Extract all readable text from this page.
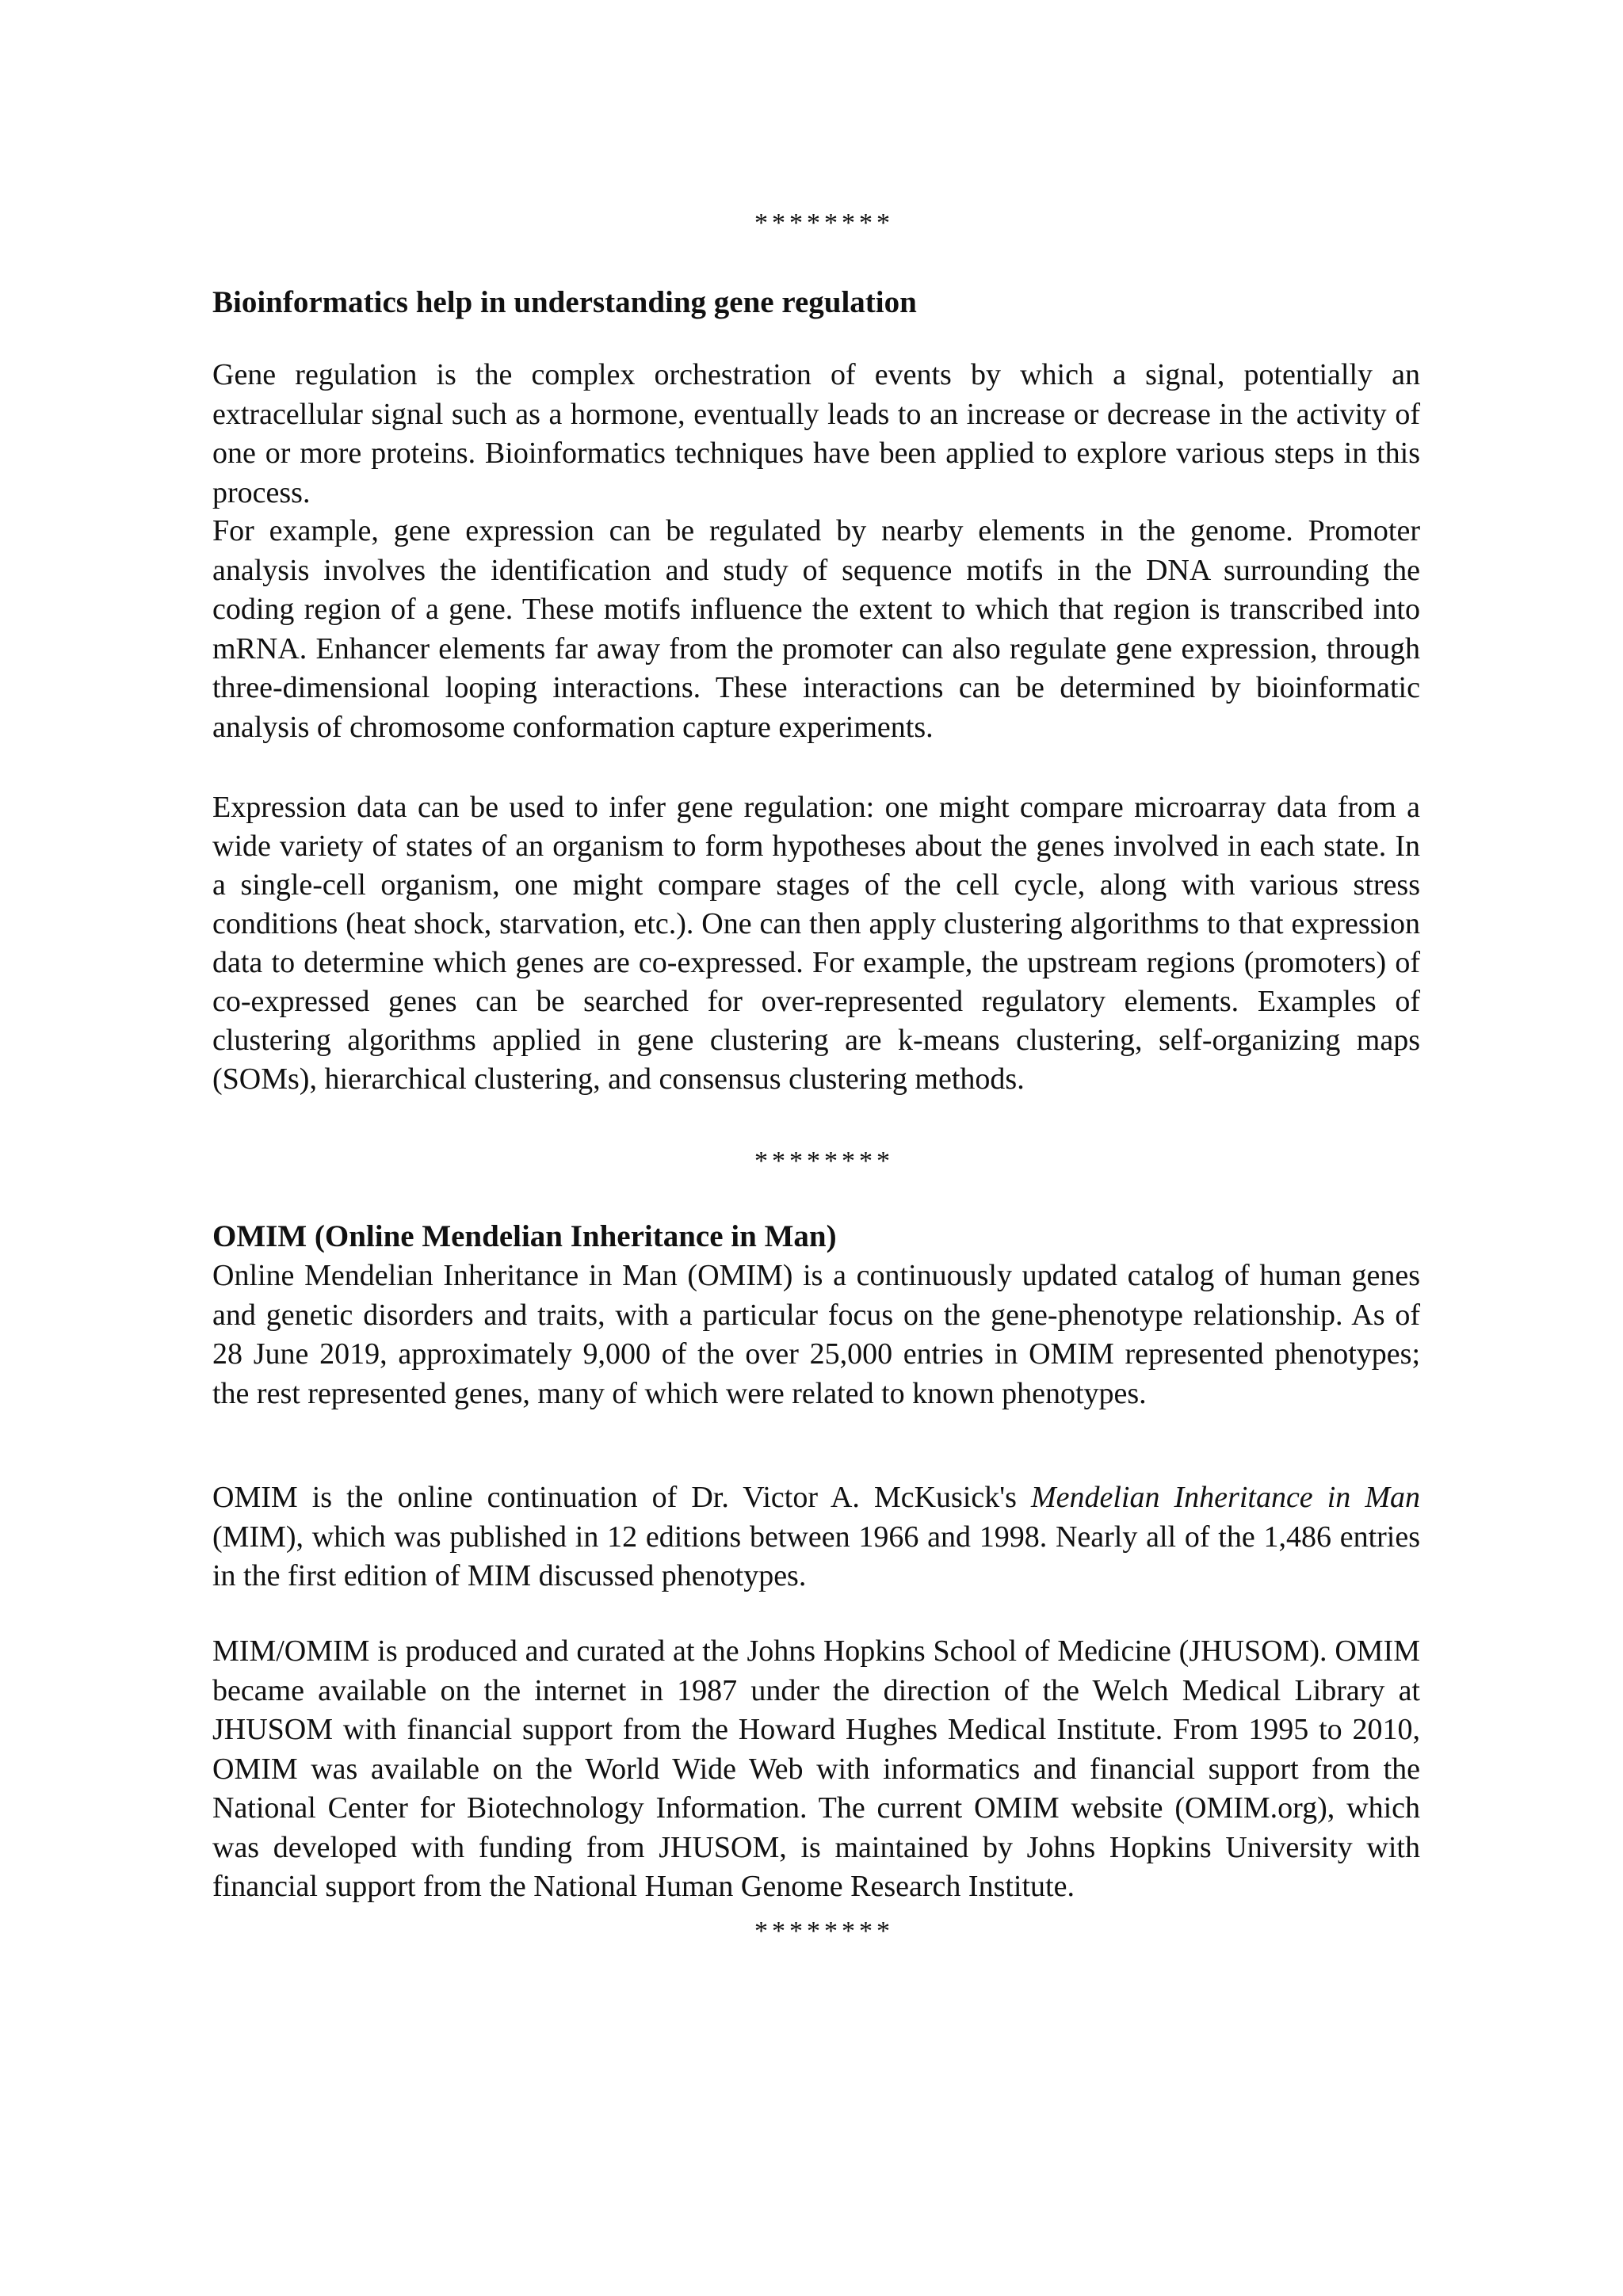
********
Bioinformatics help in understanding gene regulation

Gene regulation is the complex orchestration of events by which a signal, potentially an extracellular signal such as a hormone, eventually leads to an increase or decrease in the activity of one or more proteins. Bioinformatics techniques have been applied to explore various steps in this process.

For example, gene expression can be regulated by nearby elements in the genome. Promoter analysis involves the identification and study of sequence motifs in the DNA surrounding the coding region of a gene. These motifs influence the extent to which that region is transcribed into mRNA. Enhancer elements far away from the promoter can also regulate gene expression, through three-dimensional looping interactions. These interactions can be determined by bioinformatic analysis of chromosome conformation capture experiments.

Expression data can be used to infer gene regulation: one might compare microarray data from a wide variety of states of an organism to form hypotheses about the genes involved in each state. In a single-cell organism, one might compare stages of the cell cycle, along with various stress conditions (heat shock, starvation, etc.). One can then apply clustering algorithms to that expression data to determine which genes are co-expressed. For example, the upstream regions (promoters) of co-expressed genes can be searched for over-represented regulatory elements. Examples of clustering algorithms applied in gene clustering are k-means clustering, self-organizing maps (SOMs), hierarchical clustering, and consensus clustering methods.

********
OMIM (Online Mendelian Inheritance in Man)

Online Mendelian Inheritance in Man (OMIM) is a continuously updated catalog of human genes and genetic disorders and traits, with a particular focus on the gene-phenotype relationship. As of 28 June 2019, approximately 9,000 of the over 25,000 entries in OMIM represented phenotypes; the rest represented genes, many of which were related to known phenotypes.

OMIM is the online continuation of Dr. Victor A. McKusick's Mendelian Inheritance in Man (MIM), which was published in 12 editions between 1966 and 1998. Nearly all of the 1,486 entries in the first edition of MIM discussed phenotypes.

MIM/OMIM is produced and curated at the Johns Hopkins School of Medicine (JHUSOM). OMIM became available on the internet in 1987 under the direction of the Welch Medical Library at JHUSOM with financial support from the Howard Hughes Medical Institute. From 1995 to 2010, OMIM was available on the World Wide Web with informatics and financial support from the National Center for Biotechnology Information. The current OMIM website (OMIM.org), which was developed with funding from JHUSOM, is maintained by Johns Hopkins University with financial support from the National Human Genome Research Institute.

********
